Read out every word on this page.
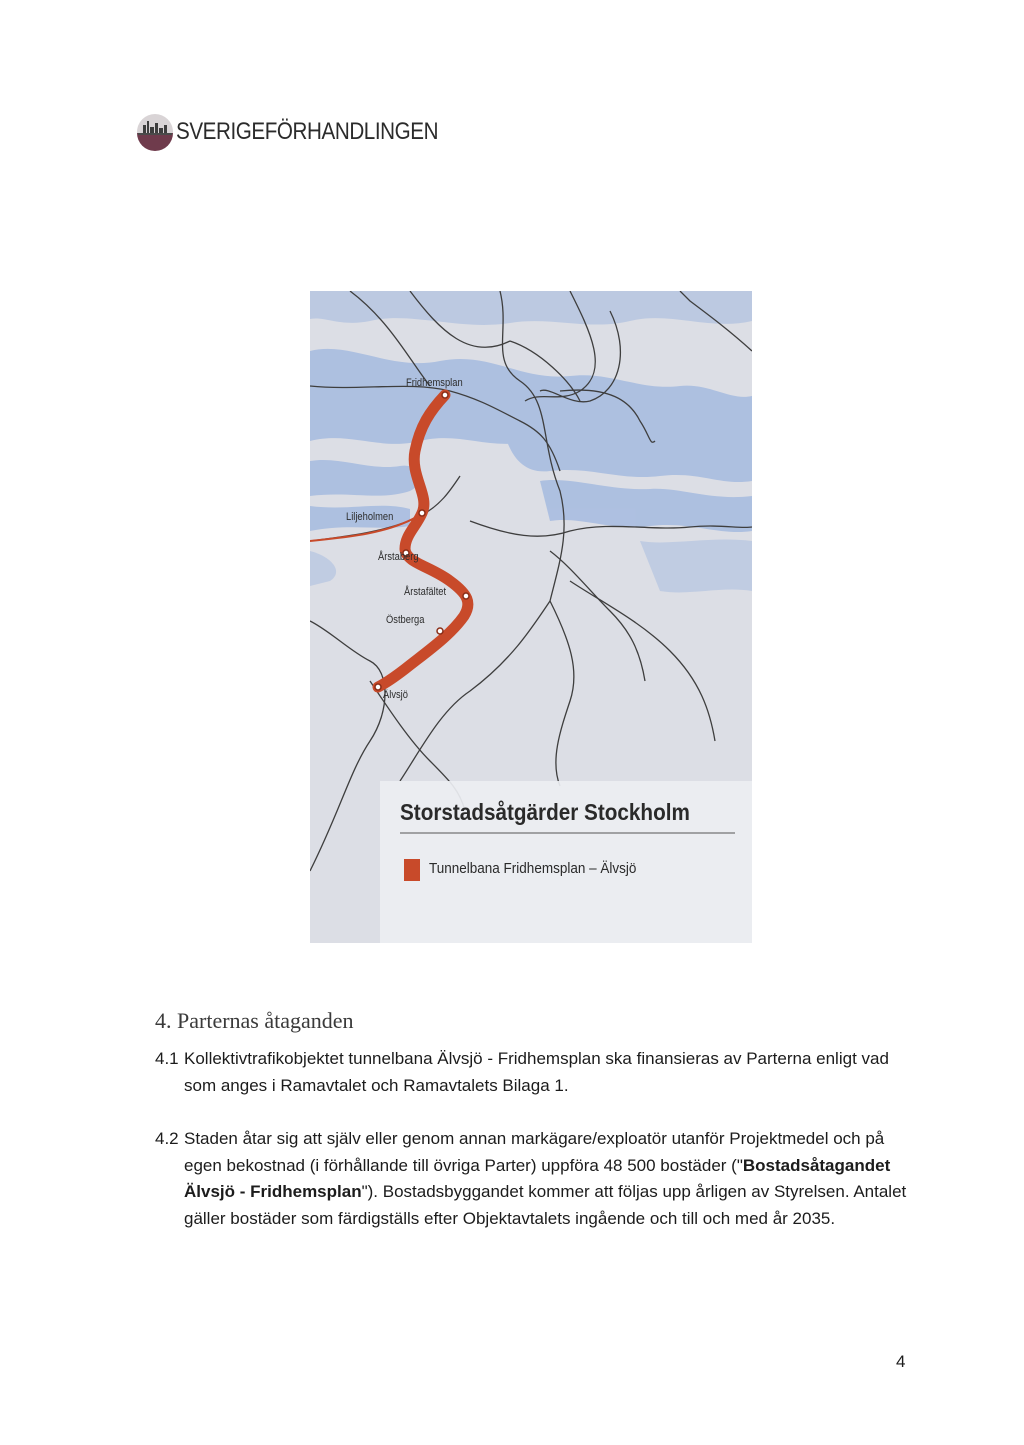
SVERIGEFÖRHANDLINGEN
Fridhemsplan
Liljeholmen
Årstaberg
Årstafältet
Östberga
Älvsjö
Storstadsåtgärder Stockholm
Tunnelbana Fridhemsplan – Älvsjö
4. Parternas åtaganden
4.1 Kollektivtrafikobjektet tunnelbana Älvsjö - Fridhemsplan ska finansieras av Parterna enligt vad som anges i Ramavtalet och Ramavtalets Bilaga 1.
4.2 Staden åtar sig att själv eller genom annan markägare/exploatör utanför Projektmedel och på egen bekostnad (i förhållande till övriga Parter) uppföra 48 500 bostäder ("Bostadsåtagandet Älvsjö - Fridhemsplan"). Bostadsbyggandet kommer att följas upp årligen av Styrelsen. Antalet gäller bostäder som färdigställs efter Objektavtalets ingående och till och med år 2035.
4
